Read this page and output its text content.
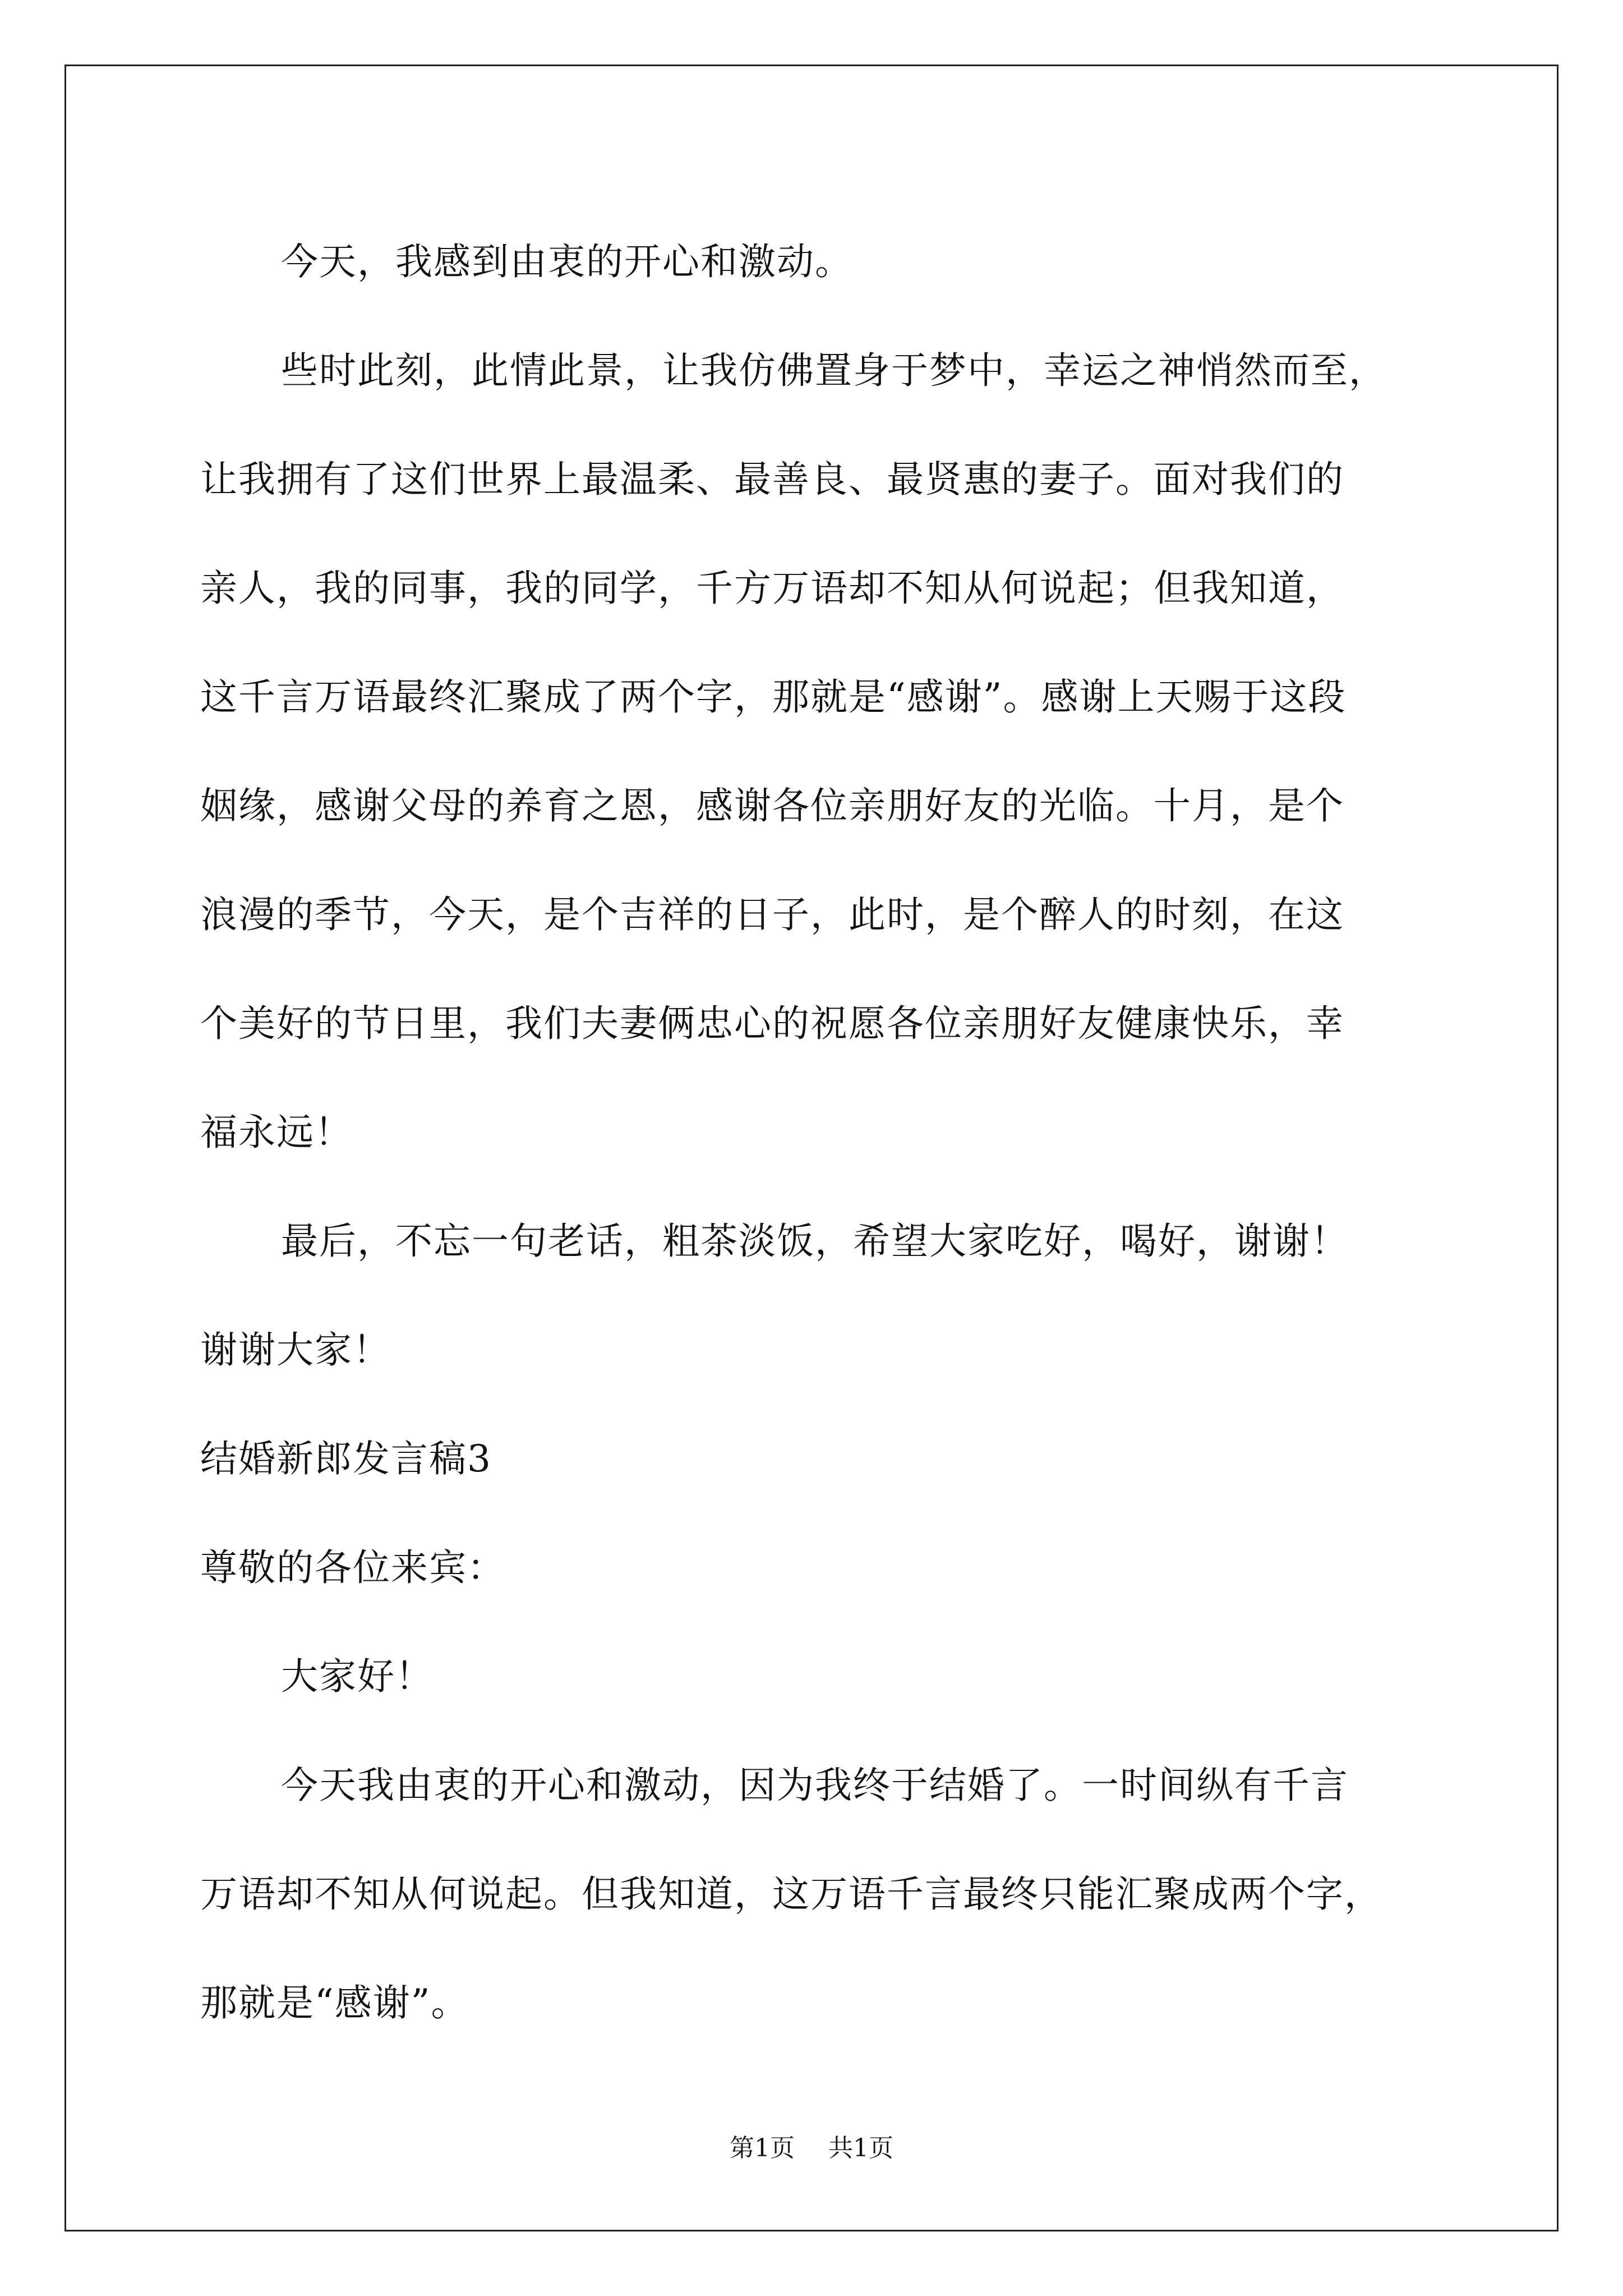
今天，我感到由衷的开心和激动。
些时此刻，此情此景，让我仿佛置身于梦中，幸运之神悄然而至，
让我拥有了这们世界上最温柔、最善良、最贤惠的妻子。面对我们的
亲人，我的同事，我的同学，千方万语却不知从何说起；但我知道，
这千言万语最终汇聚成了两个字，那就是“感谢”。感谢上天赐于这段
姻缘，感谢父母的养育之恩，感谢各位亲朋好友的光临。十月，是个
浪漫的季节，今天，是个吉祥的日子，此时，是个醉人的时刻，在这
个美好的节日里，我们夫妻俩忠心的祝愿各位亲朋好友健康快乐，幸
福永远！
最后，不忘一句老话，粗茶淡饭，希望大家吃好，喝好，谢谢！
谢谢大家！
结婚新郎发言稿3
尊敬的各位来宾：
大家好！
今天我由衷的开心和激动，因为我终于结婚了。一时间纵有千言
万语却不知从何说起。但我知道，这万语千言最终只能汇聚成两个字，
那就是“感谢”。
第1页 共1页
